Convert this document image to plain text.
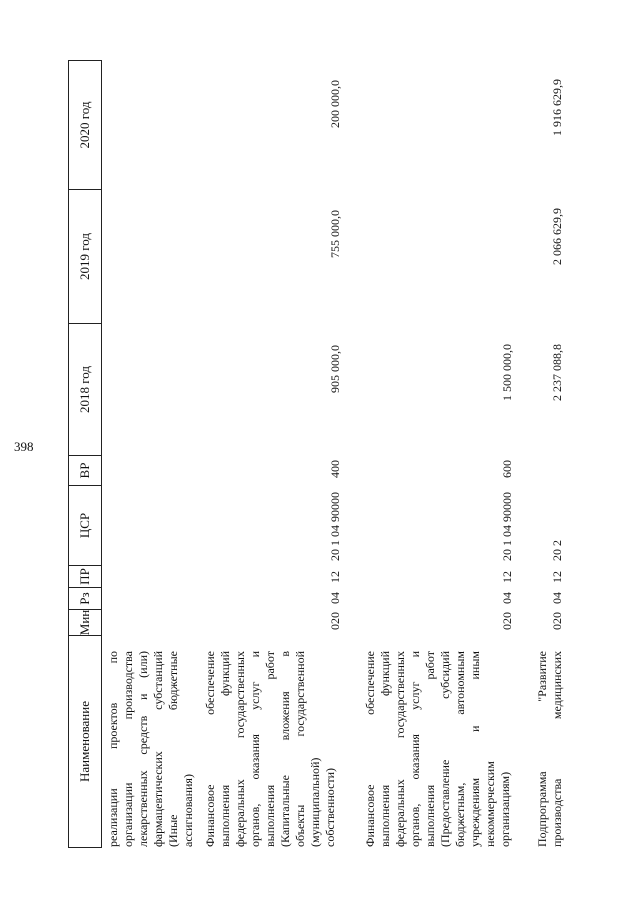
398
Наименование
Мин
Рз
ПР
ЦСР
ВР
2018 год
2019 год
2020 год
реализации проектов по организации производства лекарственных средств и (или) фармацевтических субстанций (Иные бюджетные ассигнования) Финансовое обеспечение выполнения функций федеральных государственных органов, оказания услуг и выполнения работ (Капитальные вложения в объекты государственной (муниципальной) собственности)
020
04
12
20 1 04 90000
400
905 000,0
755 000,0
200 000,0
Финансовое обеспечение выполнения функций федеральных государственных органов, оказания услуг и выполнения работ (Предоставление субсидий бюджетным, автономным учреждениям и иным некоммерческим организациям)
020
04
12
20 1 04 90000
600
1 500 000,0
Подпрограмма "Развитие производства медицинских
020
04
12
20 2
2 237 088,8
2 066 629,9
1 916 629,9
